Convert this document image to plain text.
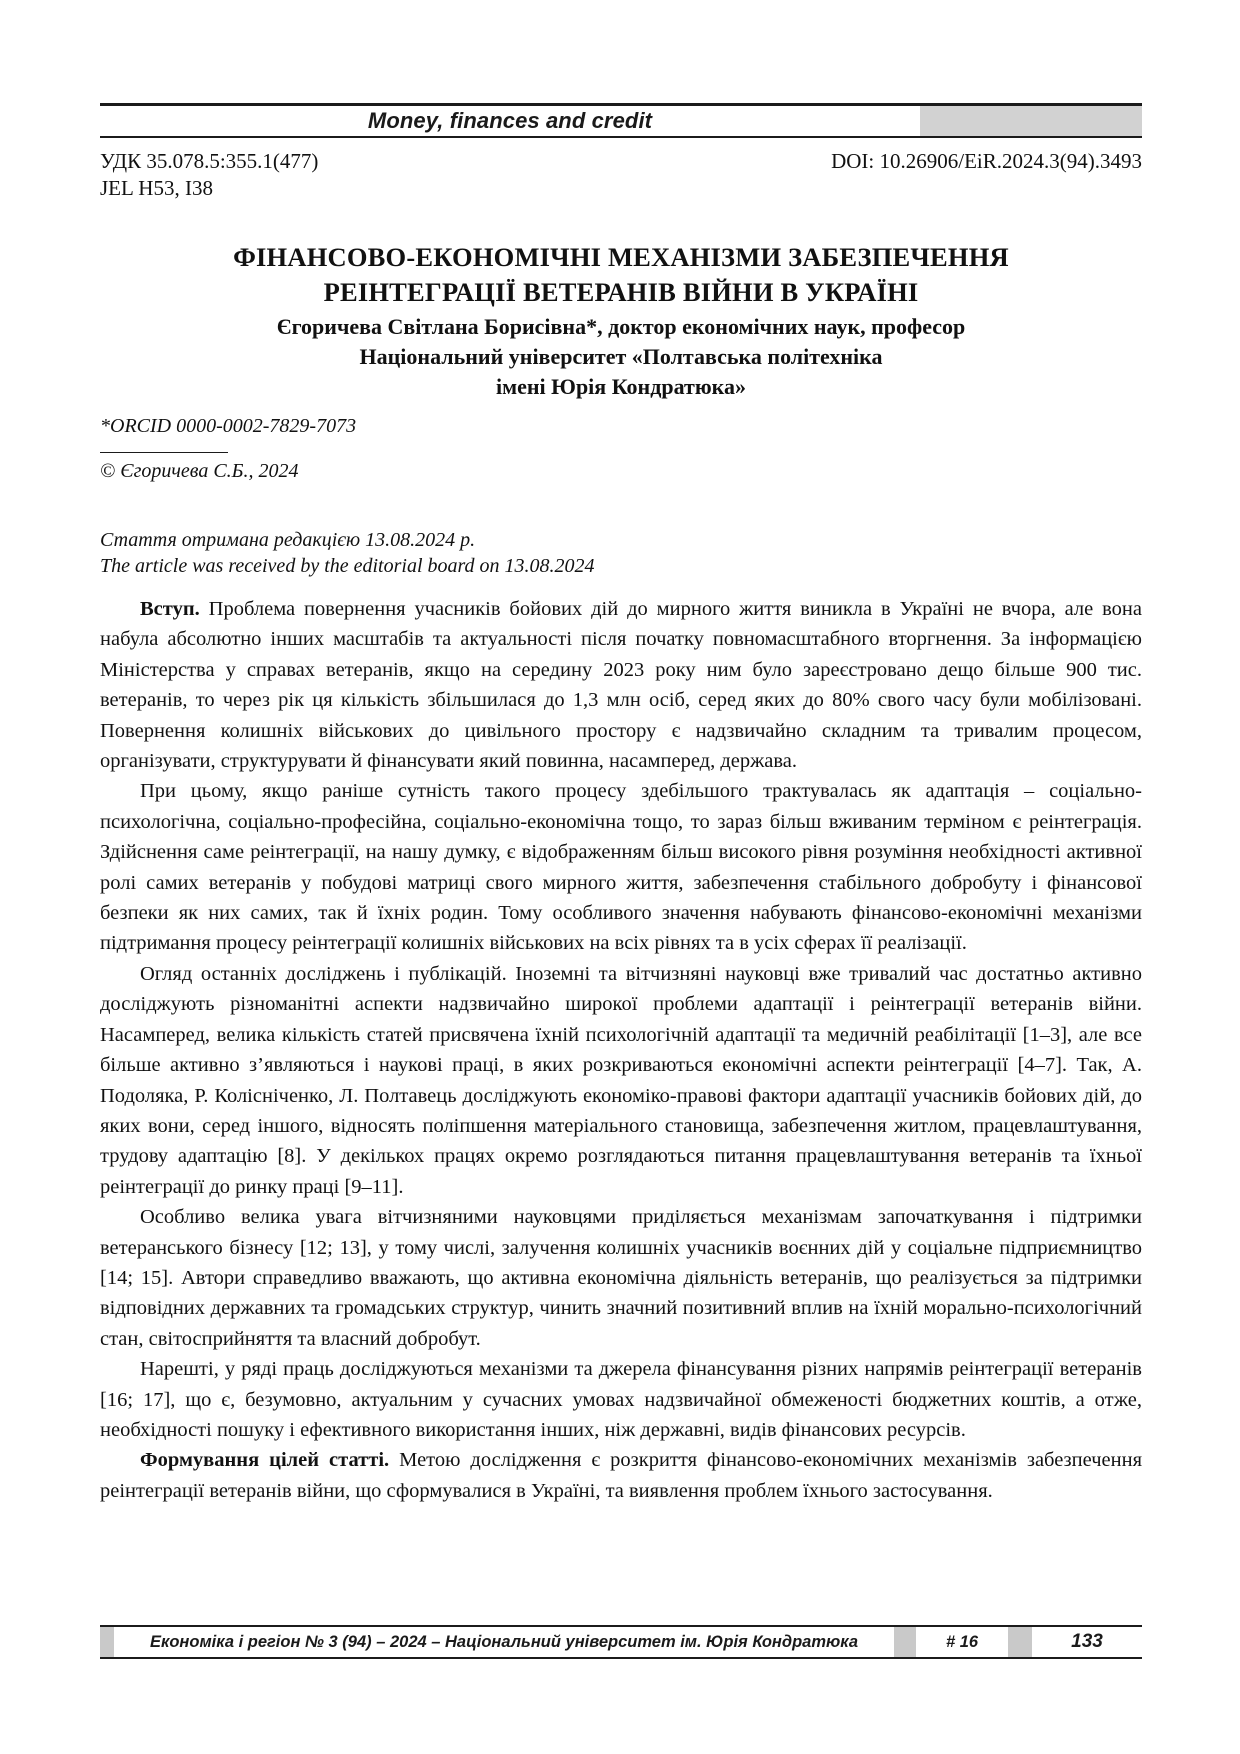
Money, finances and credit
УДК 35.078.5:355.1(477)	DOI: 10.26906/EiR.2024.3(94).3493
JEL H53, I38
ФІНАНСОВО-ЕКОНОМІЧНІ МЕХАНІЗМИ ЗАБЕЗПЕЧЕННЯ
РЕІНТЕГРАЦІЇ ВЕТЕРАНІВ ВІЙНИ В УКРАЇНІ
Єгоричева Світлана Борисівна*, доктор економічних наук, професор
Національний університет «Полтавська політехніка
імені Юрія Кондратюка»
*ORCID 0000-0002-7829-7073
© Єгоричева С.Б., 2024
Стаття отримана редакцією 13.08.2024 р.
The article was received by the editorial board on 13.08.2024

Вступ. Проблема повернення учасників бойових дій до мирного життя виникла в Україні не вчора, але вона набула абсолютно інших масштабів та актуальності після початку повномасштабного вторгнення. За інформацією Міністерства у справах ветеранів, якщо на середину 2023 року ним було зареєстровано дещо більше 900 тис. ветеранів, то через рік ця кількість збільшилася до 1,3 млн осіб, серед яких до 80% свого часу були мобілізовані. Повернення колишніх військових до цивільного простору є надзвичайно складним та тривалим процесом, організувати, структурувати й фінансувати який повинна, насамперед, держава.

При цьому, якщо раніше сутність такого процесу здебільшого трактувалась як адаптація – соціально-психологічна, соціально-професійна, соціально-економічна тощо, то зараз більш вживаним терміном є реінтеграція. Здійснення саме реінтеграції, на нашу думку, є відображенням більш високого рівня розуміння необхідності активної ролі самих ветеранів у побудові матриці свого мирного життя, забезпечення стабільного добробуту і фінансової безпеки як них самих, так й їхніх родин. Тому особливого значення набувають фінансово-економічні механізми підтримання процесу реінтеграції колишніх військових на всіх рівнях та в усіх сферах її реалізації.

Огляд останніх досліджень і публікацій. Іноземні та вітчизняні науковці вже тривалий час достатньо активно досліджують різноманітні аспекти надзвичайно широкої проблеми адаптації і реінтеграції ветеранів війни. Насамперед, велика кількість статей присвячена їхній психологічній адаптації та медичній реабілітації [1–3], але все більше активно з’являються і наукові праці, в яких розкриваються економічні аспекти реінтеграції [4–7]. Так, А. Подоляка, Р. Колісніченко, Л. Полтавець досліджують економіко-правові фактори адаптації учасників бойових дій, до яких вони, серед іншого, відносять поліпшення матеріального становища, забезпечення житлом, працевлаштування, трудову адаптацію [8]. У декількох працях окремо розглядаються питання працевлаштування ветеранів та їхньої реінтеграції до ринку праці [9–11].

Особливо велика увага вітчизняними науковцями приділяється механізмам започаткування і підтримки ветеранського бізнесу [12; 13], у тому числі, залучення колишніх учасників воєнних дій у соціальне підприємництво [14; 15]. Автори справедливо вважають, що активна економічна діяльність ветеранів, що реалізується за підтримки відповідних державних та громадських структур, чинить значний позитивний вплив на їхній морально-психологічний стан, світосприйняття та власний добробут.

Нарешті, у ряді праць досліджуються механізми та джерела фінансування різних напрямів реінтеграції ветеранів [16; 17], що є, безумовно, актуальним у сучасних умовах надзвичайної обмеженості бюджетних коштів, а отже, необхідності пошуку і ефективного використання інших, ніж державні, видів фінансових ресурсів.

Формування цілей статті. Метою дослідження є розкриття фінансово-економічних механізмів забезпечення реінтеграції ветеранів війни, що сформувалися в Україні, та виявлення проблем їхнього застосування.

Економіка і регіон № 3 (94) – 2024 – Національний університет ім. Юрія Кондратюка	# 16	133
